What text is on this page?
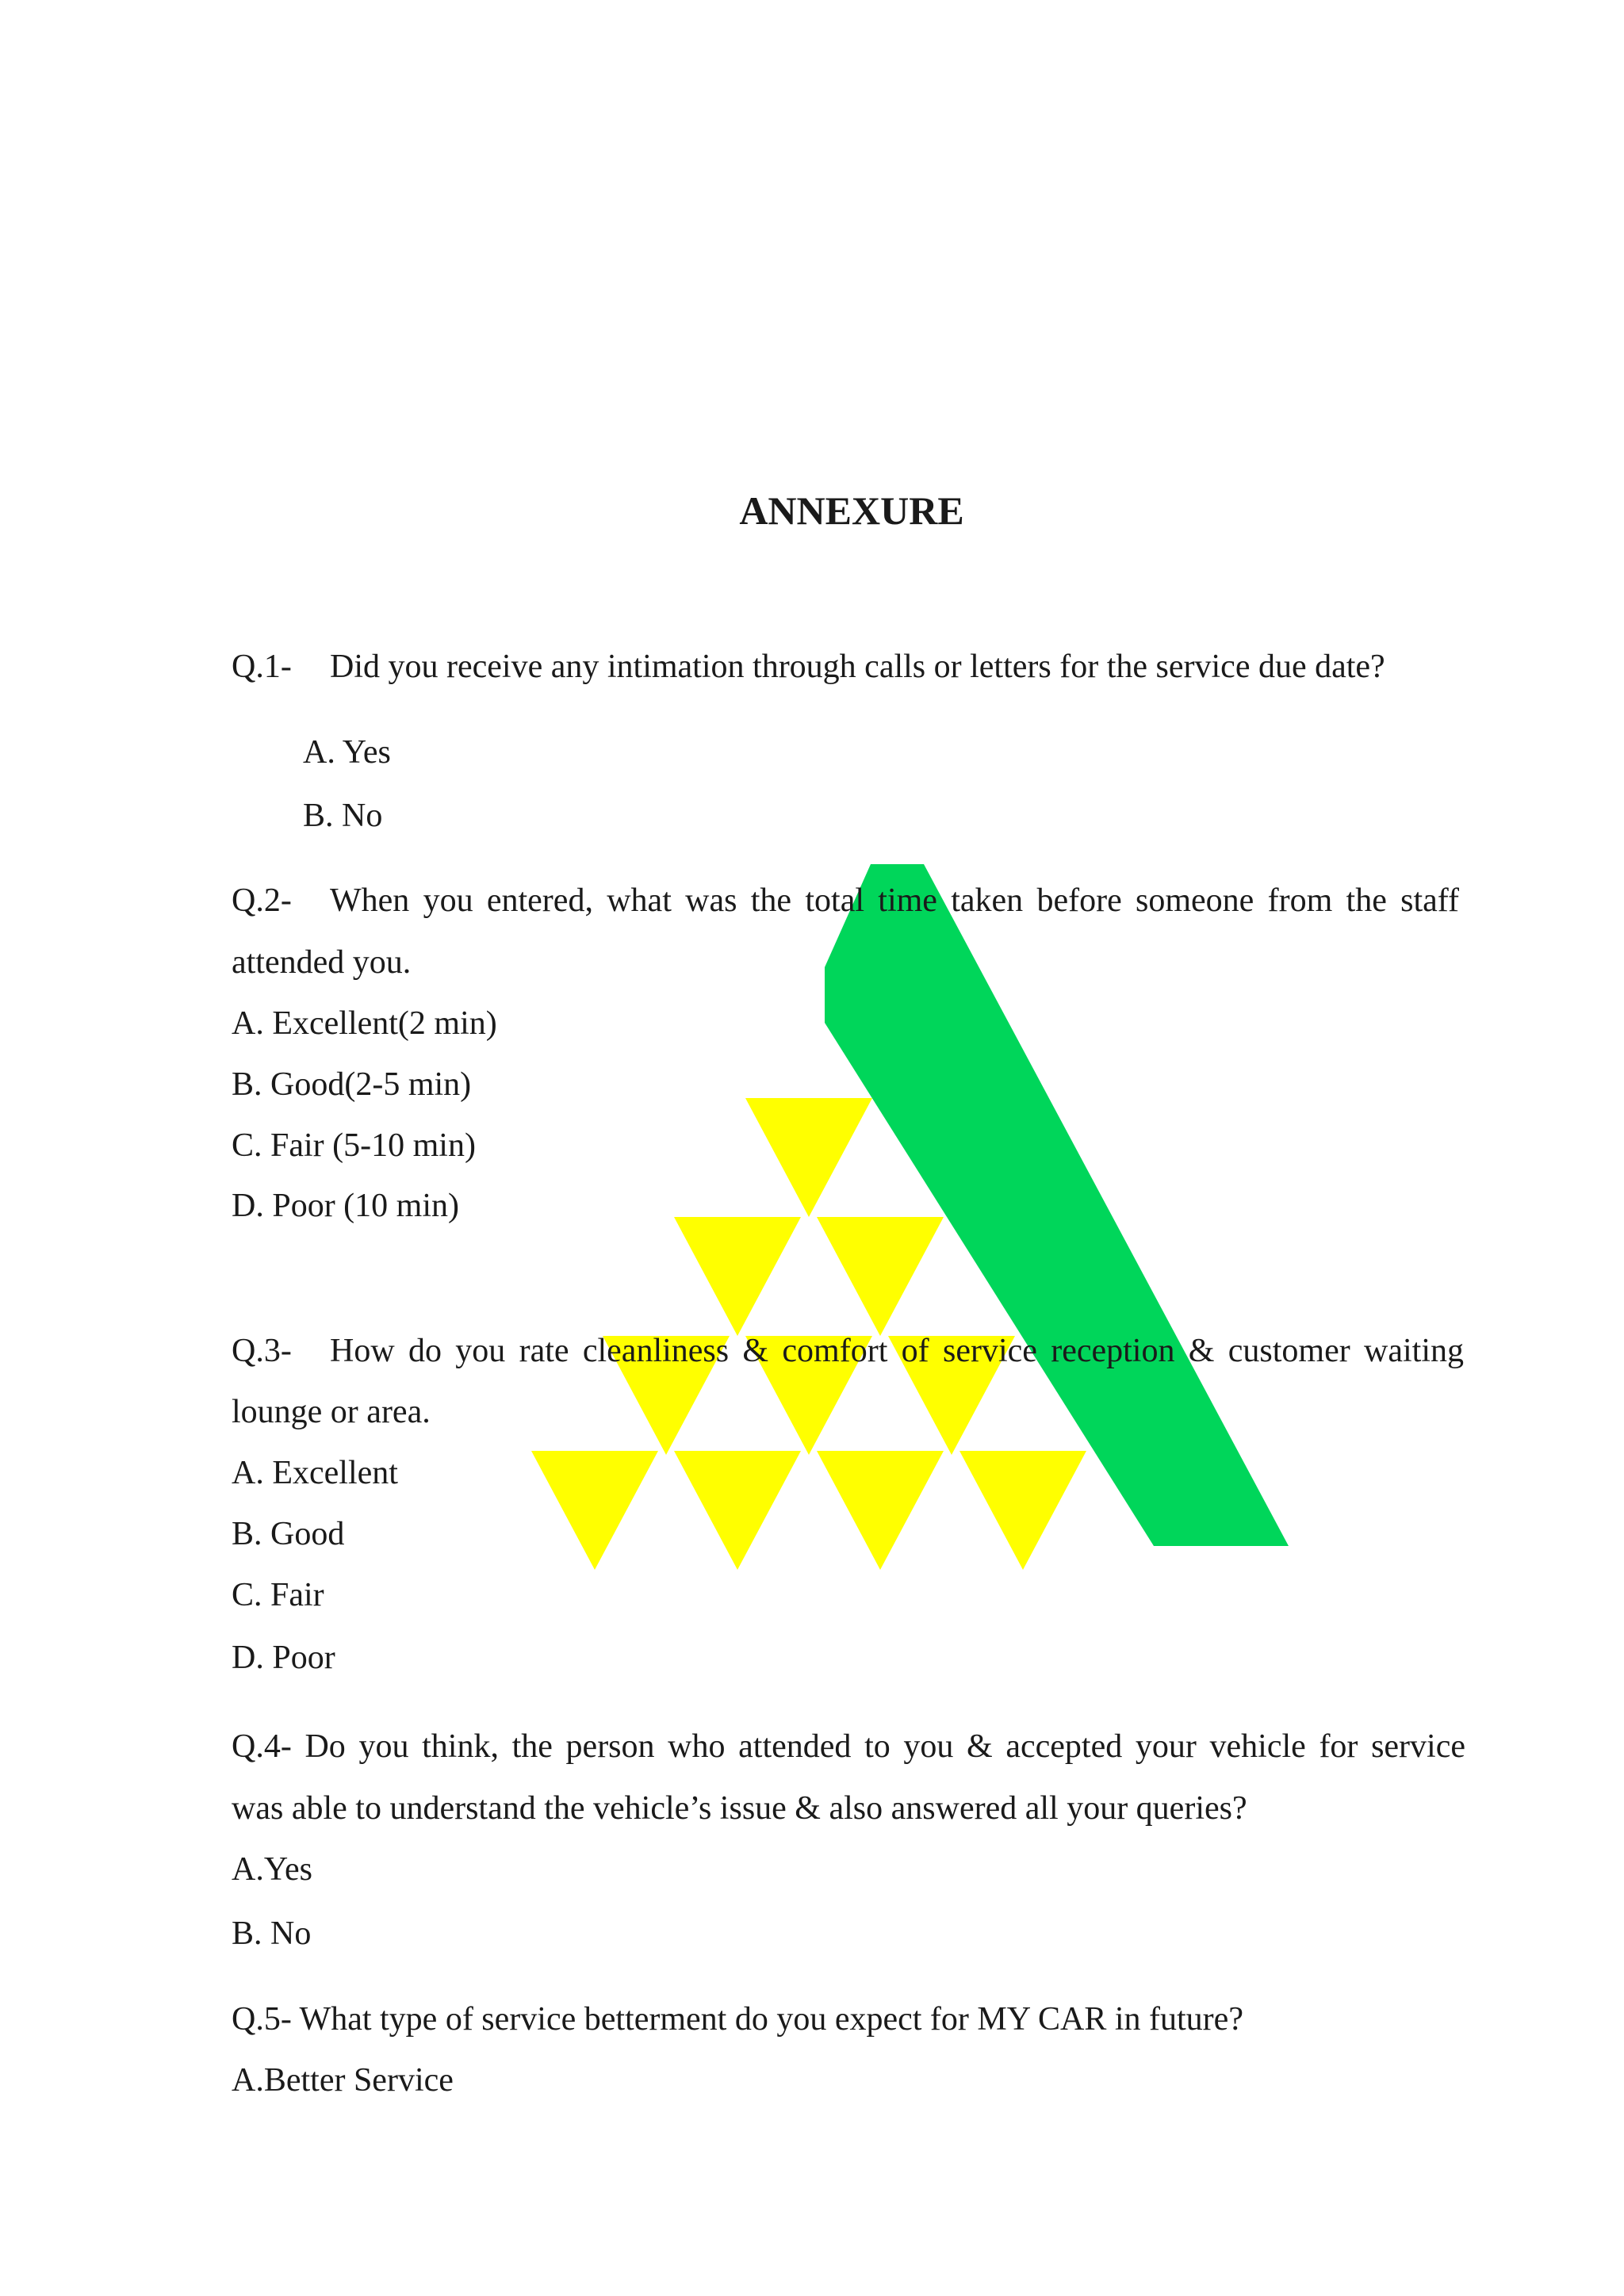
ANNEXURE
Q.1- Did you receive any intimation through calls or letters for the service due date?
A. Yes
B. No
Q.2- When you entered, what was the total time taken before someone from the staff
attended you.
A. Excellent(2 min)
B. Good(2-5 min)
C. Fair (5-10 min)
D. Poor (10 min)
Q.3- How do you rate cleanliness & comfort of service reception & customer waiting
lounge or area.
A. Excellent
B. Good
C. Fair
D. Poor
Q.4- Do you think, the person who attended to you & accepted your vehicle for service
was able to understand the vehicle’s issue & also answered all your queries?
A.Yes
B. No
Q.5- What type of service betterment do you expect for MY CAR in future?
A.Better Service
